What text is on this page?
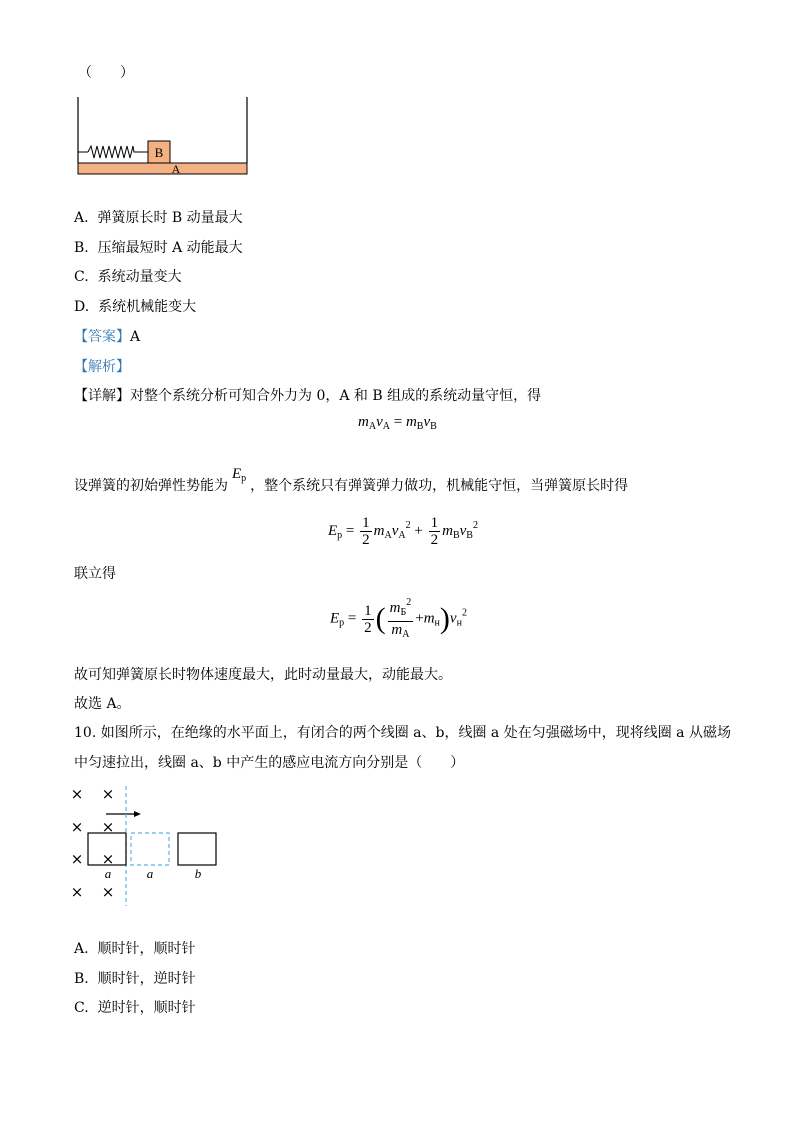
（　　）
B
A
A. 弹簧原长时 B 动量最大
B. 压缩最短时 A 动能最大
C. 系统动量变大
D. 系统机械能变大
【答案】A
【解析】
【详解】对整个系统分析可知合外力为 0，A 和 B 组成的系统动量守恒，得
$m_Av_A = m_Bv_B$
设弹簧的初始弹性势能为$E_p$ ，整个系统只有弹簧弹力做功，机械能守恒，当弹簧原长时得
$E_p = \frac{1}{2} m_Av_A^2 + \frac{1}{2} m_Bv_B^2$
联立得
$E_p = \frac{1}{2}$ ( $\frac{m_Б^2}{m_A} +m_н)v_н^2$
故可知弹簧原长时物体速度最大，此时动量最大，动能最大。
故选 A。
10. 如图所示，在绝缘的水平面上，有闭合的两个线圈 a、b，线圈 a 处在匀强磁场中，现将线圈 a 从磁场
中匀速拉出，线圈 a、b 中产生的感应电流方向分别是（　　）
× ×
× ×
× ×
× ×
a	a	b
A. 顺时针，顺时针
B. 顺时针，逆时针
C. 逆时针，顺时针
